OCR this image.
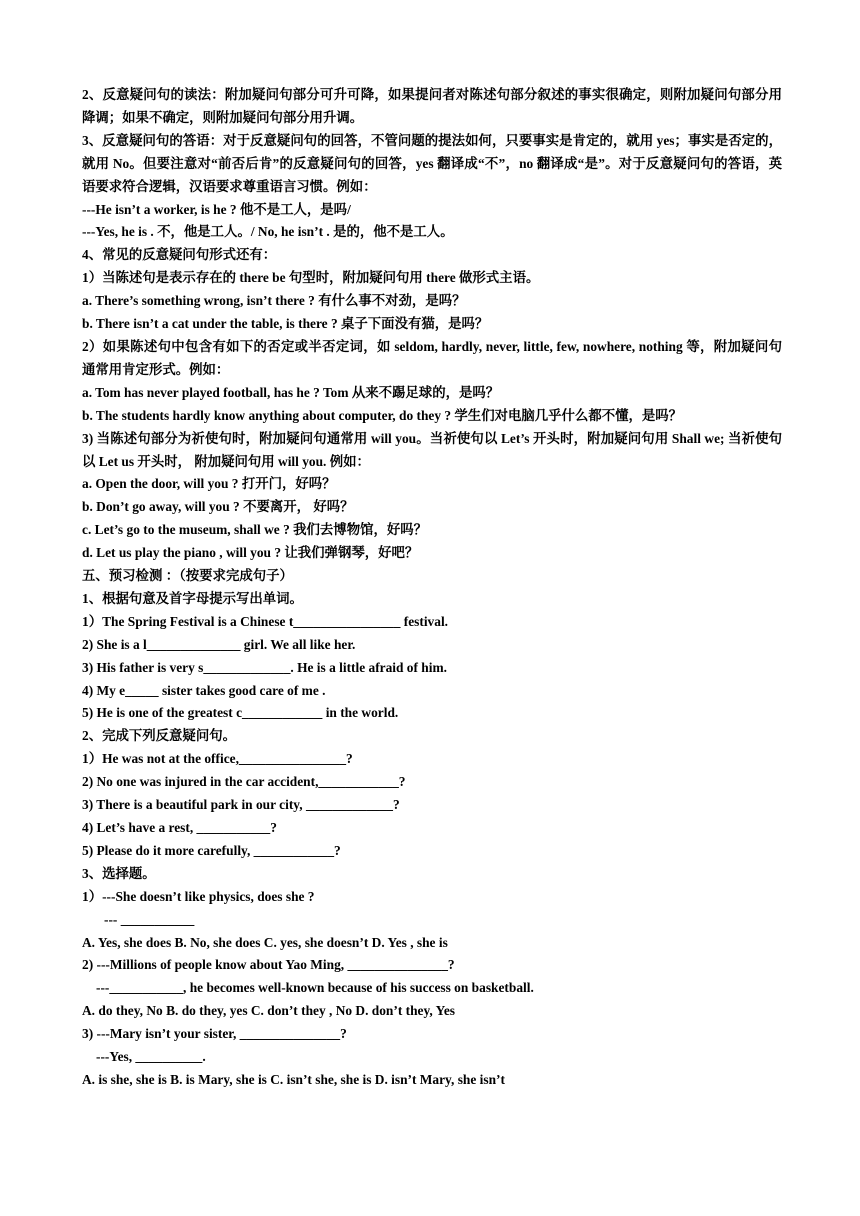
2、反意疑问句的读法：附加疑问句部分可升可降，如果提问者对陈述句部分叙述的事实很确定，则附加疑问句部分用降调；如果不确定，则附加疑问句部分用升调。
3、反意疑问句的答语：对于反意疑问句的回答，不管问题的提法如何，只要事实是肯定的，就用 yes；事实是否定的，就用 No。但要注意对“前否后肯”的反意疑问句的回答，yes 翻译成“不”，no 翻译成“是”。对于反意疑问句的答语，英语要求符合逻辑，汉语要求尊重语言习惯。例如：
---He isn’t a worker, is he ? 他不是工人，是吗/
---Yes, he is . 不，他是工人。/ No, he isn’t . 是的，他不是工人。
4、常见的反意疑问句形式还有：
1）当陈述句是表示存在的 there be 句型时，附加疑问句用 there 做形式主语。
a. There’s something wrong, isn’t there ? 有什么事不对劲，是吗？
b. There isn’t a cat under the table, is there ? 桌子下面没有猫，是吗？
2）如果陈述句中包含有如下的否定或半否定词，如 seldom, hardly, never, little, few, nowhere, nothing 等，附加疑问句通常用肯定形式。例如：
a. Tom has never played football, has he ? Tom 从来不踢足球的，是吗？
b. The students hardly know anything about computer, do they ? 学生们对电脑几乎什么都不懂，是吗？
3) 当陈述句部分为祈使句时，附加疑问句通常用 will you。当祈使句以 Let’s 开头时，附加疑问句用 Shall we; 当祈使句以 Let us 开头时， 附加疑问句用 will you. 例如：
a. Open the door, will you ? 打开门，好吗？
b. Don’t go away, will you ? 不要离开， 好吗？
c. Let’s go to the museum, shall we ? 我们去博物馆，好吗？
d. Let us play the piano , will you ? 让我们弹钢琴，好吧？
五、预习检测 ：（按要求完成句子）
1、根据句意及首字母提示写出单词。
1）The Spring Festival is a Chinese t________________ festival.
2) She is a l______________ girl. We all like her.
3) His father is very s_____________. He is a little afraid of him.
4) My e_____ sister takes good care of me .
5) He is one of the greatest c____________ in the world.
2、完成下列反意疑问句。
1）He was not at the office,________________?
2) No one was injured in the car accident,____________?
3) There is a beautiful park in our city, _____________?
4) Let’s have a rest, ___________?
5) Please do it more carefully, ____________?
3、选择题。
1）---She doesn’t like physics, does she ?
--- ___________
A. Yes, she does B. No, she does C. yes, she doesn’t D. Yes , she is
2) ---Millions of people know about Yao Ming, _______________?
---___________, he becomes well-known because of his success on basketball.
A. do they, No B. do they, yes C. don’t they , No D. don’t they, Yes
3) ---Mary isn’t your sister, _______________?
---Yes, __________.
A. is she, she is B. is Mary, she is C. isn’t she, she is D. isn’t Mary, she isn’t
